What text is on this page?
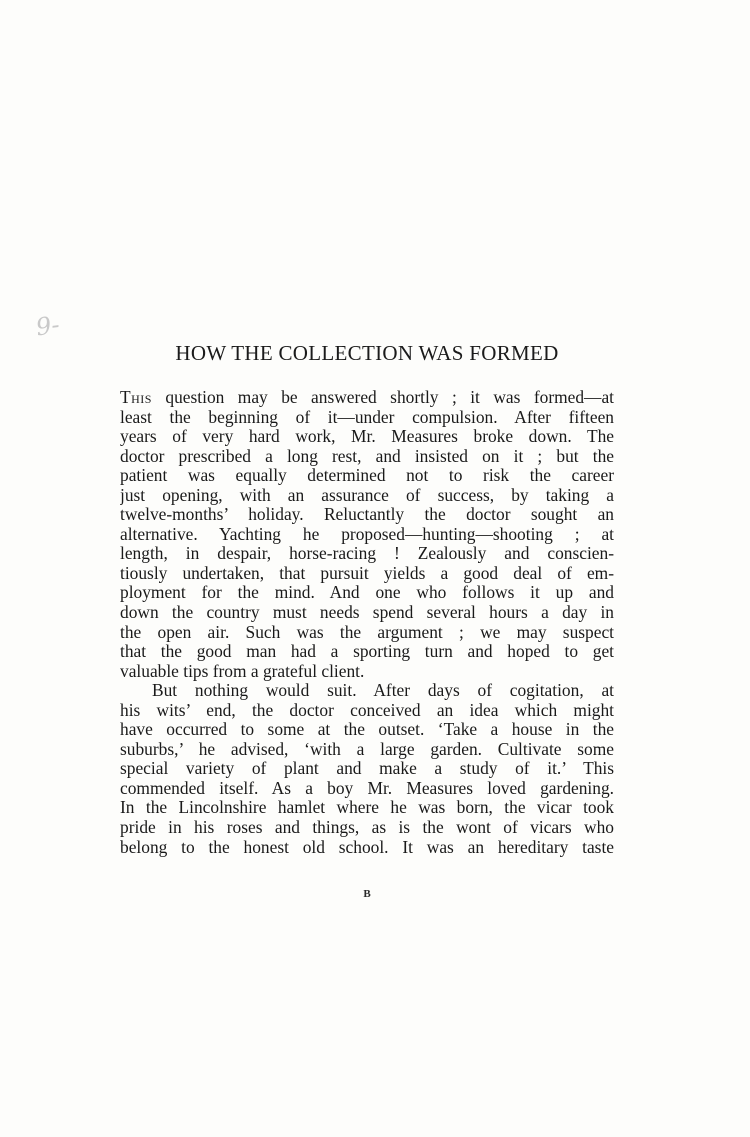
9-
HOW THE COLLECTION WAS FORMED
This question may be answered shortly ; it was formed—at
least the beginning of it—under compulsion. After fifteen
years of very hard work, Mr. Measures broke down. The
doctor prescribed a long rest, and insisted on it ; but the
patient was equally determined not to risk the career
just opening, with an assurance of success, by taking a
twelve-months’ holiday. Reluctantly the doctor sought an
alternative. Yachting he proposed—hunting—shooting ; at
length, in despair, horse-racing ! Zealously and conscien-
tiously undertaken, that pursuit yields a good deal of em-
ployment for the mind. And one who follows it up and
down the country must needs spend several hours a day in
the open air. Such was the argument ; we may suspect
that the good man had a sporting turn and hoped to get
valuable tips from a grateful client.
But nothing would suit. After days of cogitation, at
his wits’ end, the doctor conceived an idea which might
have occurred to some at the outset. ‘Take a house in the
suburbs,’ he advised, ‘with a large garden. Cultivate some
special variety of plant and make a study of it.’ This
commended itself. As a boy Mr. Measures loved gardening.
In the Lincolnshire hamlet where he was born, the vicar took
pride in his roses and things, as is the wont of vicars who
belong to the honest old school. It was an hereditary taste
B
